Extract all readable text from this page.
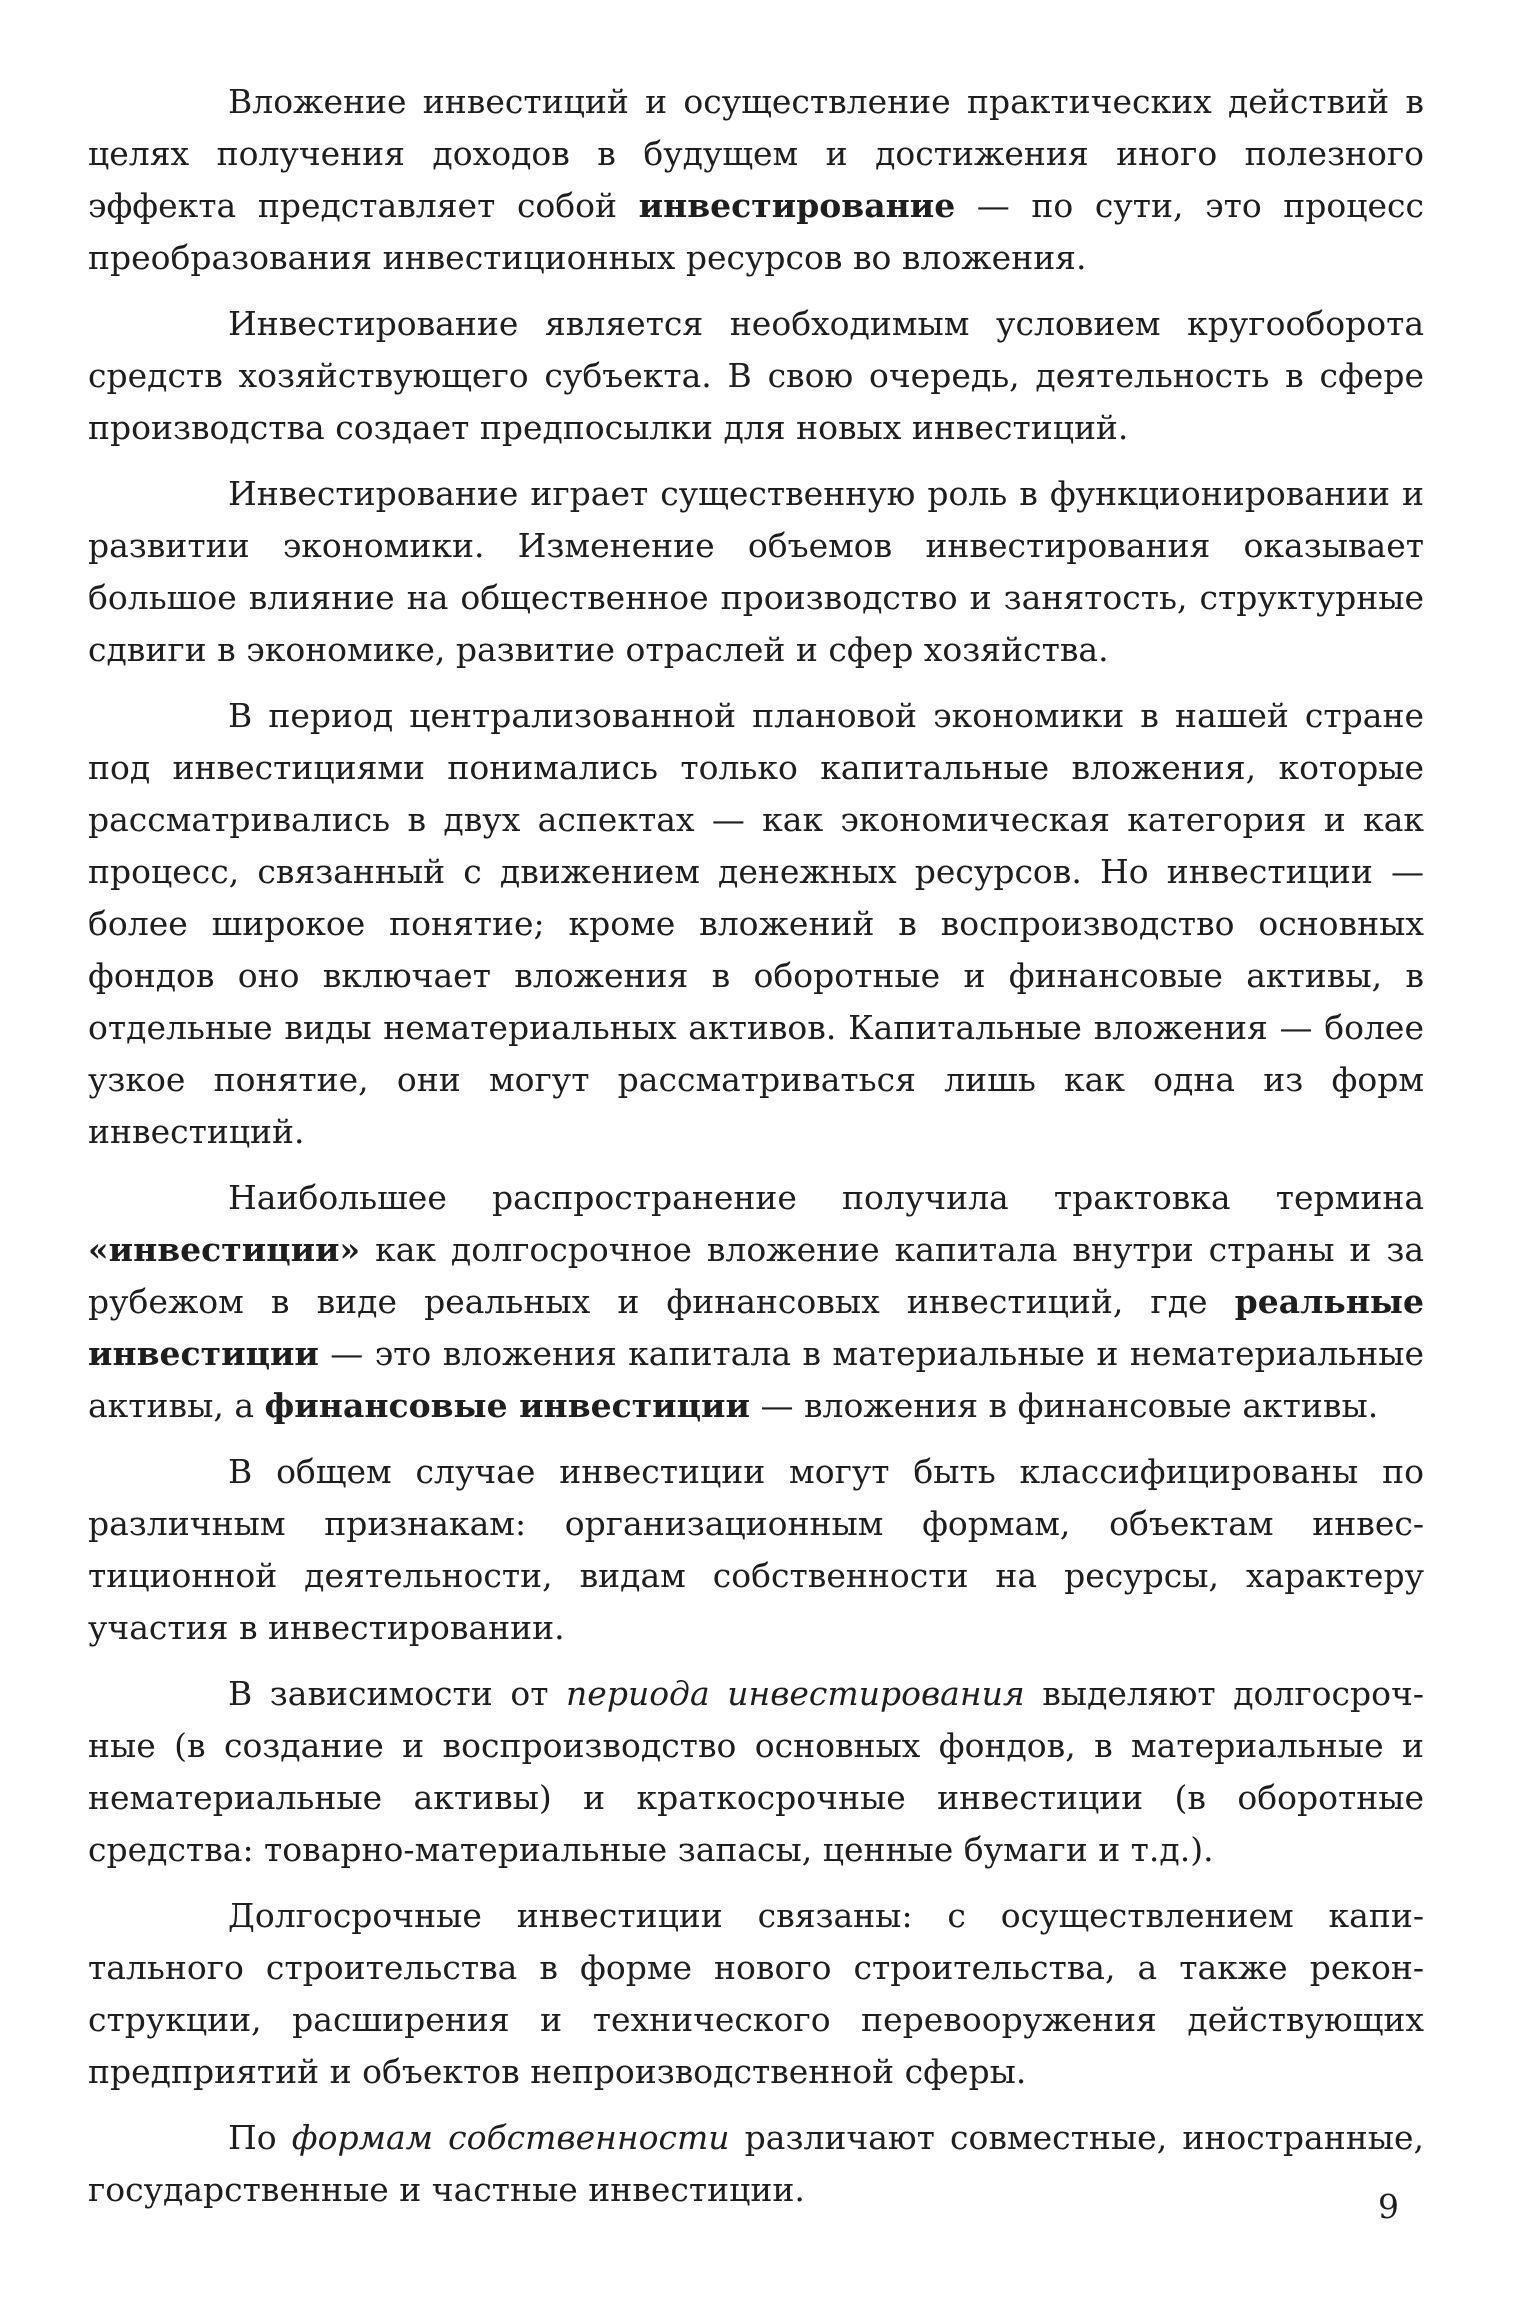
Вложение инвестиций и осуществление практических действий в целях получения доходов в будущем и достижения иного полезного эффекта представляет собой инвестирование — по сути, это процесс преобразования инвестиционных ресурсов во вложения.

Инвестирование является необходимым условием кругооборота средств хозяйствующего субъекта. В свою очередь, деятельность в сфере производства создает предпосылки для новых инвестиций.

Инвестирование играет существенную роль в функционировании и развитии экономики. Изменение объемов инвестирования оказывает большое влияние на общественное производство и занятость, структурные сдвиги в экономике, развитие отраслей и сфер хозяйства.

В период централизованной плановой экономики в нашей стране под инвестициями понимались только капитальные вложения, которые рассматривались в двух аспектах — как экономическая категория и как процесс, связанный с движением денежных ресурсов. Но инвестиции — более широкое понятие; кроме вложений в воспроизводство основных фондов оно включает вложения в оборотные и финансовые активы, в отдельные виды нематериальных активов. Капитальные вложения — более узкое понятие, они могут рассматриваться лишь как одна из форм инвестиций.

Наибольшее распространение получила трактовка термина «инвестиции» как долгосрочное вложение капитала внутри страны и за рубежом в виде реальных и финансовых инвестиций, где реальные инвестиции — это вложения капитала в материальные и нематериальные активы, а финансовые инвестиции — вложения в финансовые активы.

В общем случае инвестиции могут быть классифицированы по различным признакам: организационным формам, объектам инвестиционной деятельности, видам собственности на ресурсы, характеру участия в инвестировании.

В зависимости от периода инвестирования выделяют долгосрочные (в создание и воспроизводство основных фондов, в материальные и нематериальные активы) и краткосрочные инвестиции (в оборотные средства: товарно-материальные запасы, ценные бумаги и т.д.).

Долгосрочные инвестиции связаны: с осуществлением капитального строительства в форме нового строительства, а также реконструкции, расширения и технического перевооружения действующих предприятий и объектов непроизводственной сферы.

По формам собственности различают совместные, иностранные, государственные и частные инвестиции.	9
